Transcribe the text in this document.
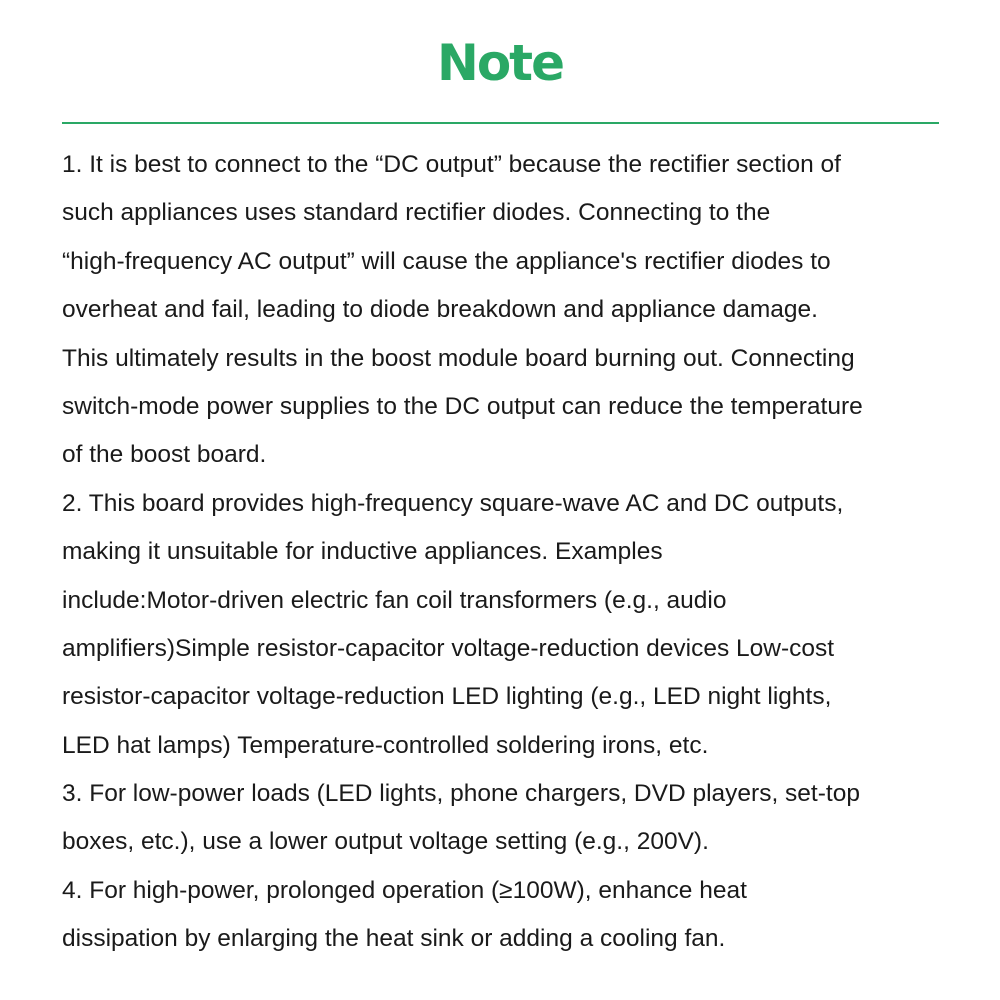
Note
1. It is best to connect to the “DC output” because the rectifier section of
such appliances uses standard rectifier diodes. Connecting to the
“high-frequency AC output” will cause the appliance's rectifier diodes to
overheat and fail, leading to diode breakdown and appliance damage.
This ultimately results in the boost module board burning out. Connecting
switch-mode power supplies to the DC output can reduce the temperature
of the boost board.
2. This board provides high-frequency square-wave AC and DC outputs,
making it unsuitable for inductive appliances. Examples
include:Motor-driven electric fan coil transformers (e.g., audio
amplifiers)Simple resistor-capacitor voltage-reduction devices Low-cost
resistor-capacitor voltage-reduction LED lighting (e.g., LED night lights,
LED hat lamps) Temperature-controlled soldering irons, etc.
3. For low-power loads (LED lights, phone chargers, DVD players, set-top
boxes, etc.), use a lower output voltage setting (e.g., 200V).
4. For high-power, prolonged operation (≥100W), enhance heat
dissipation by enlarging the heat sink or adding a cooling fan.
